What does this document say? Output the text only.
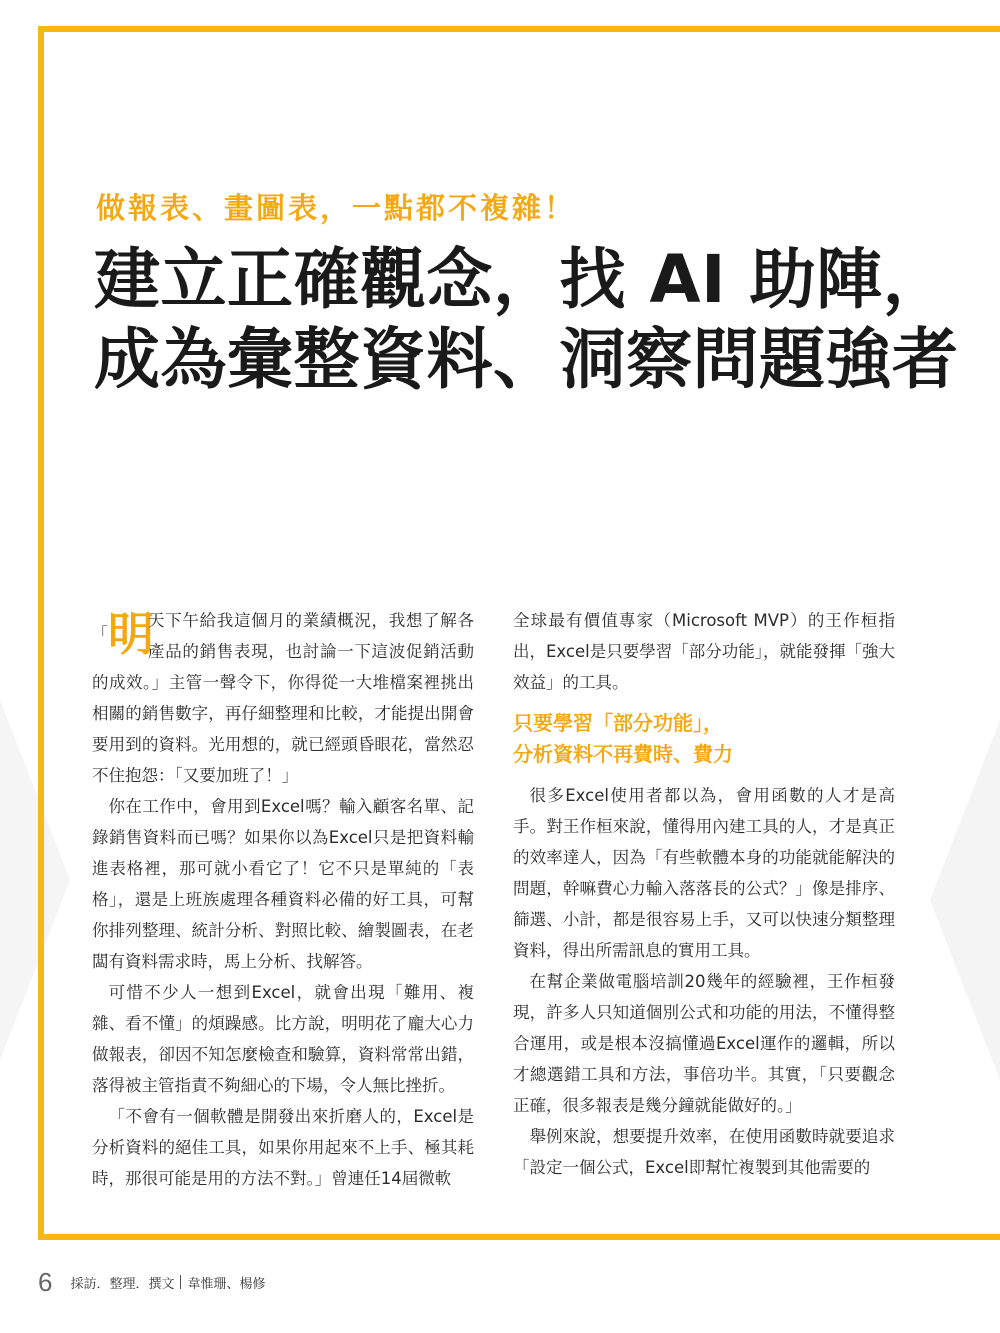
做報表、畫圖表，一點都不複雜！
建立正確觀念，找 AI 助陣，
成為彙整資料、洞察問題強者

「明
天下午給我這個月的業績概況，我想了解各產品的銷售表現，也討論一下這波促銷活動的成效。」主管一聲令下，你得從一大堆檔案裡挑出相關的銷售數字，再仔細整理和比較，才能提出開會要用到的資料。光用想的，就已經頭昏眼花，當然忍不住抱怨：「又要加班了！」

你在工作中，會用到Excel嗎？輸入顧客名單、記錄銷售資料而已嗎？如果你以為Excel只是把資料輸進表格裡，那可就小看它了！它不只是單純的「表格」，還是上班族處理各種資料必備的好工具，可幫你排列整理、統計分析、對照比較、繪製圖表，在老闆有資料需求時，馬上分析、找解答。

可惜不少人一想到Excel，就會出現「難用、複雜、看不懂」的煩躁感。比方說，明明花了龐大心力做報表，卻因不知怎麼檢查和驗算，資料常常出錯，落得被主管指責不夠細心的下場，令人無比挫折。

「不會有一個軟體是開發出來折磨人的，Excel是分析資料的絕佳工具，如果你用起來不上手、極其耗時，那很可能是用的方法不對。」曾連任14屆微軟

全球最有價值專家（Microsoft MVP）的王作桓指出，Excel是只要學習「部分功能」，就能發揮「強大效益」的工具。

只要學習「部分功能」，
分析資料不再費時、費力

很多Excel使用者都以為，會用函數的人才是高手。對王作桓來說，懂得用內建工具的人，才是真正的效率達人，因為「有些軟體本身的功能就能解決的問題，幹嘛費心力輸入落落長的公式？」像是排序、篩選、小計，都是很容易上手，又可以快速分類整理資料，得出所需訊息的實用工具。

在幫企業做電腦培訓20幾年的經驗裡，王作桓發現，許多人只知道個別公式和功能的用法，不懂得整合運用，或是根本沒搞懂過Excel運作的邏輯，所以才總選錯工具和方法，事倍功半。其實，「只要觀念正確，很多報表是幾分鐘就能做好的。」

舉例來說，想要提升效率，在使用函數時就要追求「設定一個公式，Excel即幫忙複製到其他需要的

6 採訪．整理．撰文 韋惟珊、楊修
